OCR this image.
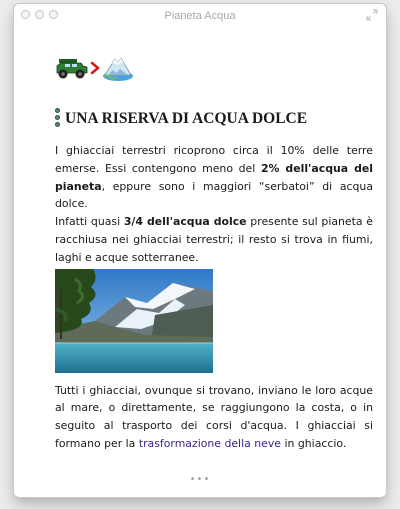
Pianeta Acqua
UNA RISERVA DI ACQUA DOLCE

I ghiacciai terrestri ricoprono circa il 10% delle terre emerse. Essi contengono meno del 2% dell'acqua del pianeta, eppure sono i maggiori “serbatoi” di acqua dolce.

Infatti quasi 3/4 dell'acqua dolce presente sul pianeta è racchiusa nei ghiacciai terrestri; il resto si trova in fiumi, laghi e acque sotterranee.

Tutti i ghiacciai, ovunque si trovano, inviano le loro acque al mare, o direttamente, se raggiungono la costa, o in seguito al trasporto dei corsi d'acqua. I ghiacciai si formano per la trasformazione della neve in ghiaccio.

•••
